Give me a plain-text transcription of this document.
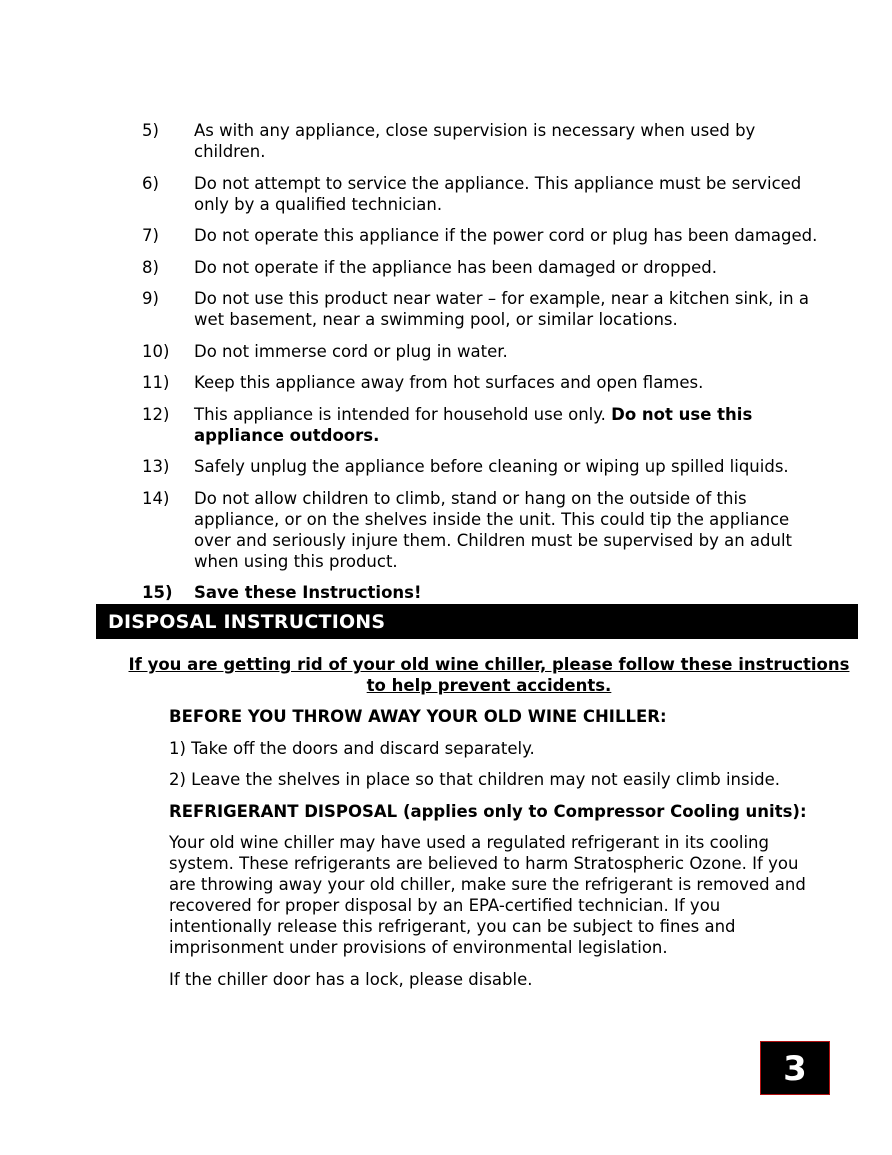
5)	As with any appliance, close supervision is necessary when used by children.
6)	Do not attempt to service the appliance. This appliance must be serviced only by a qualified technician.
7)	Do not operate this appliance if the power cord or plug has been damaged.
8)	Do not operate if the appliance has been damaged or dropped.
9)	Do not use this product near water – for example, near a kitchen sink, in a wet basement, near a swimming pool, or similar locations.
10)	Do not immerse cord or plug in water.
11)	Keep this appliance away from hot surfaces and open flames.
12)	This appliance is intended for household use only. Do not use this appliance outdoors.
13)	Safely unplug the appliance before cleaning or wiping up spilled liquids.
14)	Do not allow children to climb, stand or hang on the outside of this appliance, or on the shelves inside the unit. This could tip the appliance over and seriously injure them. Children must be supervised by an adult when using this product.
15)	Save these Instructions!
DISPOSAL INSTRUCTIONS

If you are getting rid of your old wine chiller, please follow these instructions to help prevent accidents.

BEFORE YOU THROW AWAY YOUR OLD WINE CHILLER:

1) Take off the doors and discard separately.

2) Leave the shelves in place so that children may not easily climb inside.

REFRIGERANT DISPOSAL (applies only to Compressor Cooling units):

Your old wine chiller may have used a regulated refrigerant in its cooling system. These refrigerants are believed to harm Stratospheric Ozone. If you are throwing away your old chiller, make sure the refrigerant is removed and recovered for proper disposal by an EPA-certified technician. If you intentionally release this refrigerant, you can be subject to fines and imprisonment under provisions of environmental legislation.

If the chiller door has a lock, please disable.

3
